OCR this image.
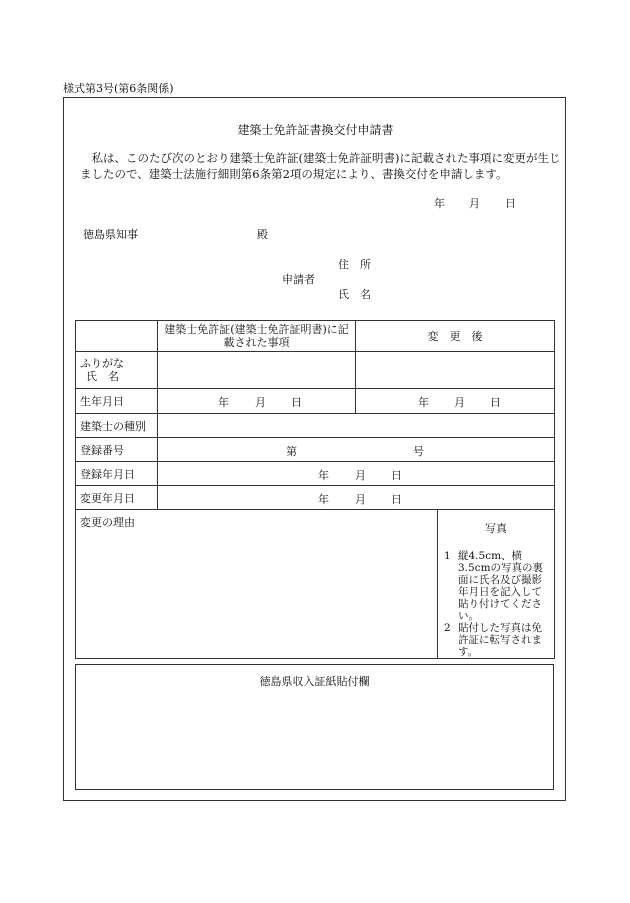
様式第3号(第6条関係)
建築士免許証書換交付申請書
私は、このたび次のとおり建築士免許証(建築士免許証明書)に記載された事項に変更が生じましたので、建築士法施行細則第6条第2項の規定により、書換交付を申請します。
年 月 日
徳島県知事	殿
住　所
申請者
氏　名
	建築士免許証(建築士免許証明書)に記載された事項	変　更　後	

ふりがな
氏　名			

生年月日	年 月 日	年 月 日	

建築士の種別			
登録番号	第 号		

登録年月日	年 月 日		

変更年月日	年 月 日		

変更の理由			写真
1 縦4.5cm、横3.5cmの写真の裏面に氏名及び撮影年月日を記入して貼り付けてください。
2 貼付した写真は免許証に転写されます。
徳島県収入証紙貼付欄
